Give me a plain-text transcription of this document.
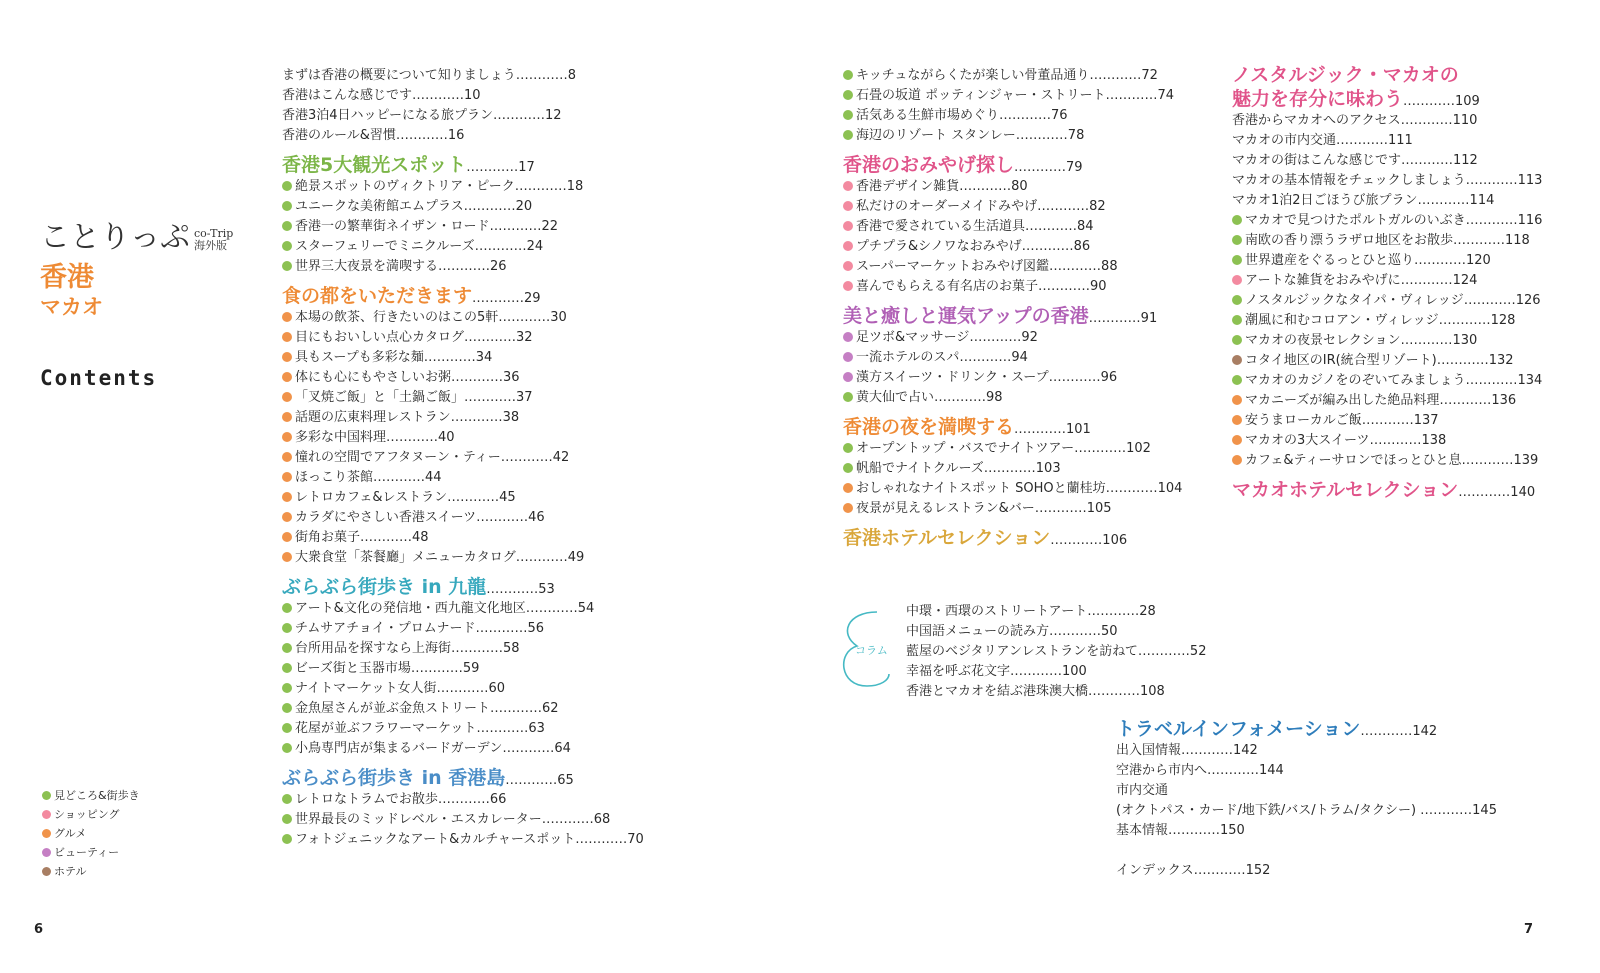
ことりっぷ co-Trip
海外版
香港
マカオ
Contents
見どころ&街歩き
ショッピング
グルメ
ビューティー
ホテル
まずは香港の概要について知りましょう…………8
香港はこんな感じです…………10
香港3泊4日ハッピーになる旅プラン…………12
香港のルール&習慣…………16
香港5大観光スポット…………17
絶景スポットのヴィクトリア・ピーク…………18
ユニークな美術館エムプラス…………20
香港一の繁華街ネイザン・ロード…………22
スターフェリーでミニクルーズ…………24
世界三大夜景を満喫する…………26
食の都をいただきます…………29
本場の飲茶、行きたいのはこの5軒…………30
目にもおいしい点心カタログ…………32
具もスープも多彩な麺…………34
体にも心にもやさしいお粥…………36
「叉焼ご飯」と「土鍋ご飯」…………37
話題の広東料理レストラン…………38
多彩な中国料理…………40
憧れの空間でアフタヌーン・ティー…………42
ほっこり茶館…………44
レトロカフェ&レストラン…………45
カラダにやさしい香港スイーツ…………46
街角お菓子…………48
大衆食堂「茶餐廳」メニューカタログ…………49
ぶらぶら街歩き in 九龍…………53
アート&文化の発信地・西九龍文化地区…………54
チムサアチョイ・プロムナード…………56
台所用品を探すなら上海街…………58
ビーズ街と玉器市場…………59
ナイトマーケット女人街…………60
金魚屋さんが並ぶ金魚ストリート…………62
花屋が並ぶフラワーマーケット…………63
小鳥専門店が集まるバードガーデン…………64
ぶらぶら街歩き in 香港島…………65
レトロなトラムでお散歩…………66
世界最長のミッドレベル・エスカレーター…………68
フォトジェニックなアート&カルチャースポット…………70
キッチュながらくたが楽しい骨董品通り…………72
石畳の坂道 ポッティンジャー・ストリート…………74
活気ある生鮮市場めぐり…………76
海辺のリゾート スタンレー…………78
香港のおみやげ探し…………79
香港デザイン雑貨…………80
私だけのオーダーメイドみやげ…………82
香港で愛されている生活道具…………84
プチプラ&シノワなおみやげ…………86
スーパーマーケットおみやげ図鑑…………88
喜んでもらえる有名店のお菓子…………90
美と癒しと運気アップの香港…………91
足ツボ&マッサージ…………92
一流ホテルのスパ…………94
漢方スイーツ・ドリンク・スープ…………96
黄大仙で占い…………98
香港の夜を満喫する…………101
オープントップ・バスでナイトツアー…………102
帆船でナイトクルーズ…………103
おしゃれなナイトスポット SOHOと蘭桂坊…………104
夜景が見えるレストラン&バー…………105
香港ホテルセレクション…………106
コラム
中環・西環のストリートアート…………28
中国語メニューの読み方…………50
藍屋のベジタリアンレストランを訪ねて…………52
幸福を呼ぶ花文字…………100
香港とマカオを結ぶ港珠澳大橋…………108
ノスタルジック・マカオの
魅力を存分に味わう…………109
香港からマカオへのアクセス…………110
マカオの市内交通…………111
マカオの街はこんな感じです…………112
マカオの基本情報をチェックしましょう…………113
マカオ1泊2日ごほうび旅プラン…………114
マカオで見つけたポルトガルのいぶき…………116
南欧の香り漂うラザロ地区をお散歩…………118
世界遺産をぐるっとひと巡り…………120
アートな雑貨をおみやげに…………124
ノスタルジックなタイパ・ヴィレッジ…………126
潮風に和むコロアン・ヴィレッジ…………128
マカオの夜景セレクション…………130
コタイ地区のIR(統合型リゾート)…………132
マカオのカジノをのぞいてみましょう…………134
マカニーズが編み出した絶品料理…………136
安うまローカルご飯…………137
マカオの3大スイーツ…………138
カフェ&ティーサロンでほっとひと息…………139
マカオホテルセレクション…………140
トラベルインフォメーション…………142
出入国情報…………142
空港から市内へ…………144
市内交通
(オクトパス・カード/地下鉄/バス/トラム/タクシー) …………145
基本情報…………150
インデックス…………152
6	7
